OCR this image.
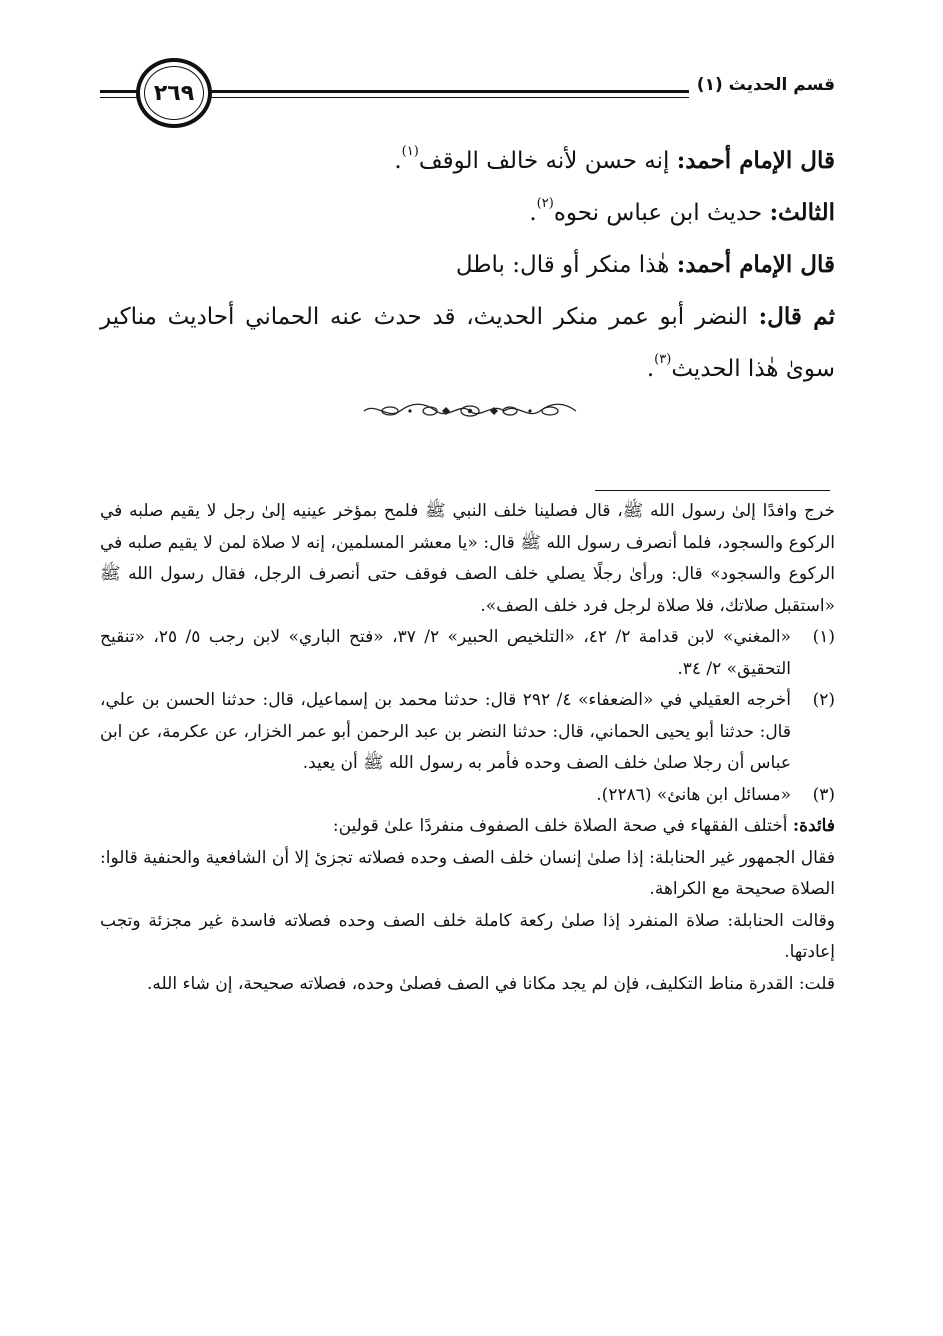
قسم الحديث (١)
٢٦٩

قال الإمام أحمد: إنه حسن لأنه خالف الوقف$^{(١)}$.

الثالث: حديث ابن عباس نحوه$^{(٢)}$.

قال الإمام أحمد: هٰذا منكر أو قال: باطل

ثم قال: النضر أبو عمر منكر الحديث، قد حدث عنه الحماني أحاديث مناكير سوىٰ هٰذا الحديث$^{(٣)}$.

خرج وافدًا إلىٰ رسول الله ﷺ، قال فصلينا خلف النبي ﷺ فلمح بمؤخر عينيه إلىٰ رجل لا يقيم صلبه في الركوع والسجود، فلما أنصرف رسول الله ﷺ قال: «يا معشر المسلمين، إنه لا صلاة لمن لا يقيم صلبه في الركوع والسجود» قال: ورأىٰ رجلًا يصلي خلف الصف فوقف حتى أنصرف الرجل، فقال رسول الله ﷺ «استقبل صلاتك، فلا صلاة لرجل فرد خلف الصف».

(١)

«المغني» لابن قدامة ٢/ ٤٢، «التلخيص الحبير» ٢/ ٣٧، «فتح الباري» لابن رجب ٥/ ٢٥، «تنقيح التحقيق» ٢/ ٣٤.

(٢)

أخرجه العقيلي في «الضعفاء» ٤/ ٢٩٢ قال: حدثنا محمد بن إسماعيل، قال: حدثنا الحسن بن علي، قال: حدثنا أبو يحيى الحماني، قال: حدثنا النضر بن عبد الرحمن أبو عمر الخزار، عن عكرمة، عن ابن عباس أن رجلا صلىٰ خلف الصف وحده فأمر به رسول الله ﷺ أن يعيد.

(٣)

«مسائل ابن هانئ» (٢٢٨٦).

فائدة: أختلف الفقهاء في صحة الصلاة خلف الصفوف منفردًا علىٰ قولين:

فقال الجمهور غير الحنابلة: إذا صلىٰ إنسان خلف الصف وحده فصلاته تجزئ إلا أن الشافعية والحنفية قالوا: الصلاة صحيحة مع الكراهة.

وقالت الحنابلة: صلاة المنفرد إذا صلىٰ ركعة كاملة خلف الصف وحده فصلاته فاسدة غير مجزئة وتجب إعادتها.

قلت: القدرة مناط التكليف، فإن لم يجد مكانا في الصف فصلىٰ وحده، فصلاته صحيحة، إن شاء الله.
